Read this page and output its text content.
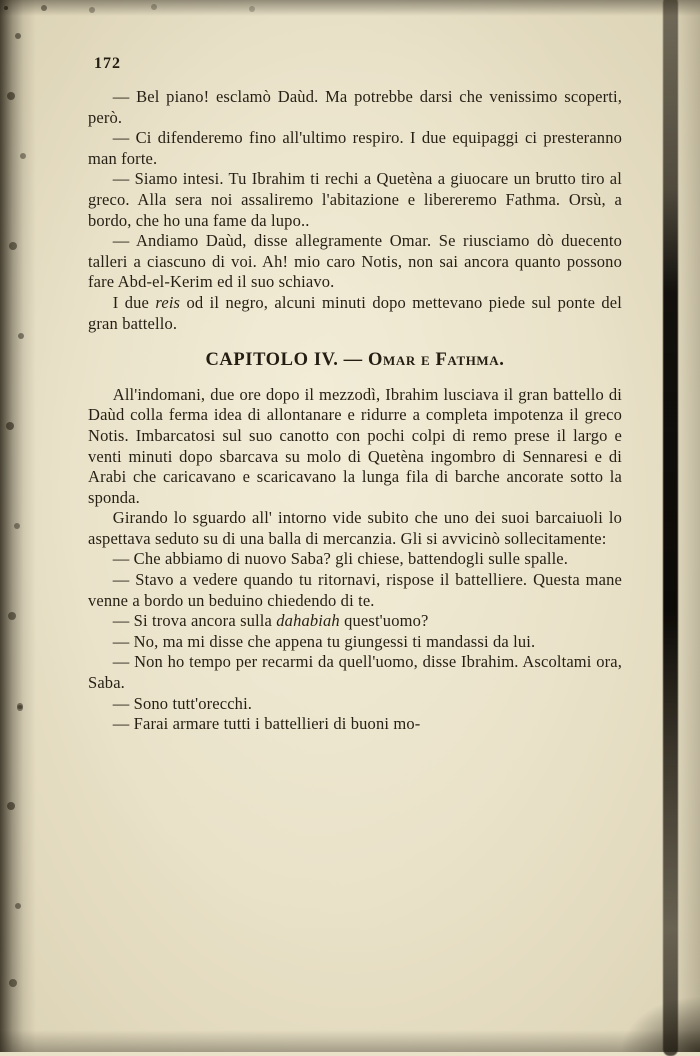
172

— Bel piano! esclamò Daùd. Ma potrebbe darsi che venissimo scoperti, però.

— Ci difenderemo fino all'ultimo respiro. I due equipaggi ci presteranno man forte.

— Siamo intesi. Tu Ibrahim ti rechi a Quetèna a giuocare un brutto tiro al greco. Alla sera noi assaliremo l'abitazione e libereremo Fathma. Orsù, a bordo, che ho una fame da lupo..

— Andiamo Daùd, disse allegramente Omar. Se riusciamo dò duecento talleri a ciascuno di voi. Ah! mio caro Notis, non sai ancora quanto possono fare Abd-el-Kerim ed il suo schiavo.

I due reis od il negro, alcuni minuti dopo mettevano piede sul ponte del gran battello.

CAPITOLO IV. — Omar e Fathma.

All'indomani, due ore dopo il mezzodì, Ibrahim lusciava il gran battello di Daùd colla ferma idea di allontanare e ridurre a completa impotenza il greco Notis. Imbarcatosi sul suo canotto con pochi colpi di remo prese il largo e venti minuti dopo sbarcava su molo di Quetèna ingombro di Sennaresi e di Arabi che caricavano e scaricavano la lunga fila di barche ancorate sotto la sponda.

Girando lo sguardo all' intorno vide subito che uno dei suoi barcaiuoli lo aspettava seduto su di una balla di mercanzia. Gli si avvicinò sollecitamente:

— Che abbiamo di nuovo Saba? gli chiese, battendogli sulle spalle.

— Stavo a vedere quando tu ritornavi, rispose il battelliere. Questa mane venne a bordo un beduino chiedendo di te.

— Si trova ancora sulla dahabiah quest'uomo?

— No, ma mi disse che appena tu giungessi ti mandassi da lui.

— Non ho tempo per recarmi da quell'uomo, disse Ibrahim. Ascoltami ora, Saba.

— Sono tutt'orecchi.

— Farai armare tutti i battellieri di buoni mo-
